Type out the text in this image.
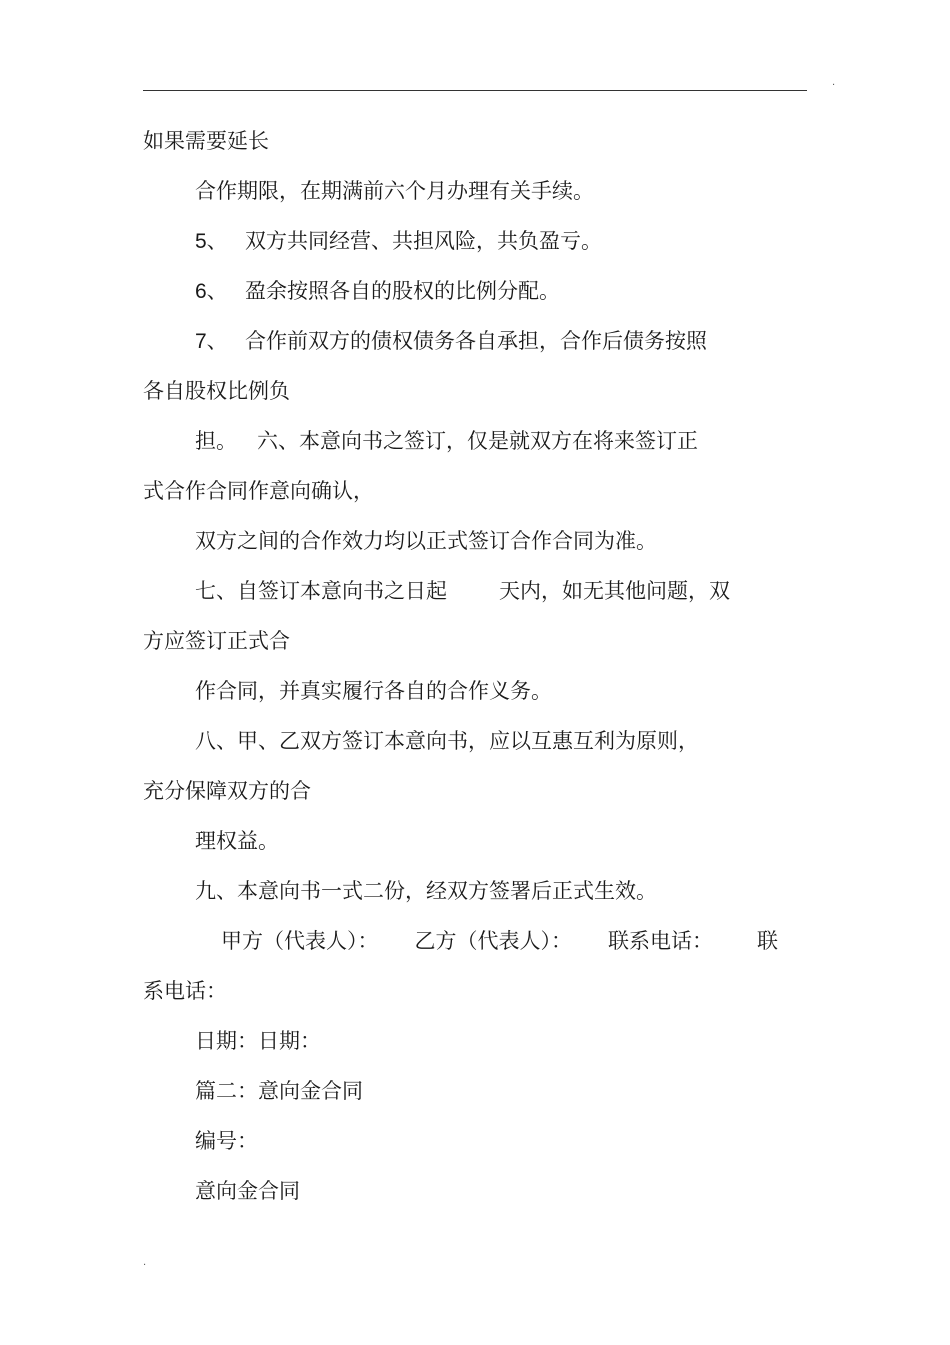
.

如果需要延长

合作期限，在期满前六个月办理有关手续。

5、 双方共同经营、共担风险，共负盈亏。

6、 盈余按照各自的股权的比例分配。

7、 合作前双方的债权债务各自承担，合作后债务按照

各自股权比例负

担。   六、本意向书之签订，仅是就双方在将来签订正

式合作合同作意向确认，

双方之间的合作效力均以正式签订合作合同为准。

七、自签订本意向书之日起 天内，如无其他问题，双

方应签订正式合

作合同，并真实履行各自的合作义务。

八、甲、乙双方签订本意向书，应以互惠互利为原则，

充分保障双方的合

理权益。

九、本意向书一式二份，经双方签署后正式生效。

甲方（代表人）： 乙方（代表人）： 联系电话： 联

系电话：

日期：日期：

篇二：意向金合同

编号：

意向金合同

.
